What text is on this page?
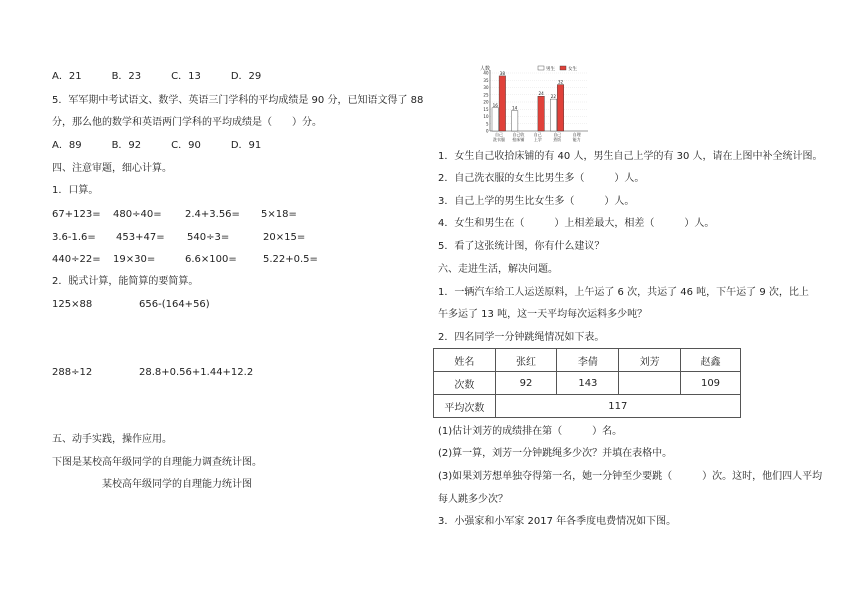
A．21　　　B．23　　　C．13　　　D．29
5．军军期中考试语文、数学、英语三门学科的平均成绩是 90 分，已知语文得了 88
分，那么他的数学和英语两门学科的平均成绩是（　　）分。
A．89　　　B．92　　　C．90　　　D．91
四、注意审题，细心计算。
1．口算。
67+123= 480÷40= 2.4+3.56= 5×18=
3.6-1.6= 453+47= 540÷3=	20×15=
440÷22= 19×30=	6.6×100=	5.22+0.5=
2．脱式计算，能简算的要简算。
125×88	656-(164+56)
288÷12	28.8+0.56+1.44+12.2
五、动手实践，操作应用。
下图是某校高年级同学的自理能力调查统计图。
某校高年级同学的自理能力统计图
人数
40
35
30
25
20
15
10
5
0
男生	女生
16
38
自己
洗衣服
14
自己收
拾床铺
24
自己
上学
22
32
自己
煮饭
自理
能力
1．女生自己收拾床铺的有 40 人，男生自己上学的有 30 人，请在上图中补全统计图。
2．自己洗衣服的女生比男生多（　　　）人。
3．自己上学的男生比女生多（　　　）人。
4．女生和男生在（　　　）上相差最大，相差（　　　）人。
5．看了这张统计图，你有什么建议？
六、走进生活，解决问题。
1．一辆汽车给工人运送原料，上午运了 6 次，共运了 46 吨，下午运了 9 次，比上
午多运了 13 吨，这一天平均每次运料多少吨？
2．四名同学一分钟跳绳情况如下表。
姓名	张红	李倩	刘芳	赵鑫
次数	92	143		109
平均次数	117			
(1)估计刘芳的成绩排在第（　　　）名。
(2)算一算，刘芳一分钟跳绳多少次？并填在表格中。
(3)如果刘芳想单独夺得第一名，她一分钟至少要跳（　　　）次。这时，他们四人平均
每人跳多少次？
3．小强家和小军家 2017 年各季度电费情况如下图。
